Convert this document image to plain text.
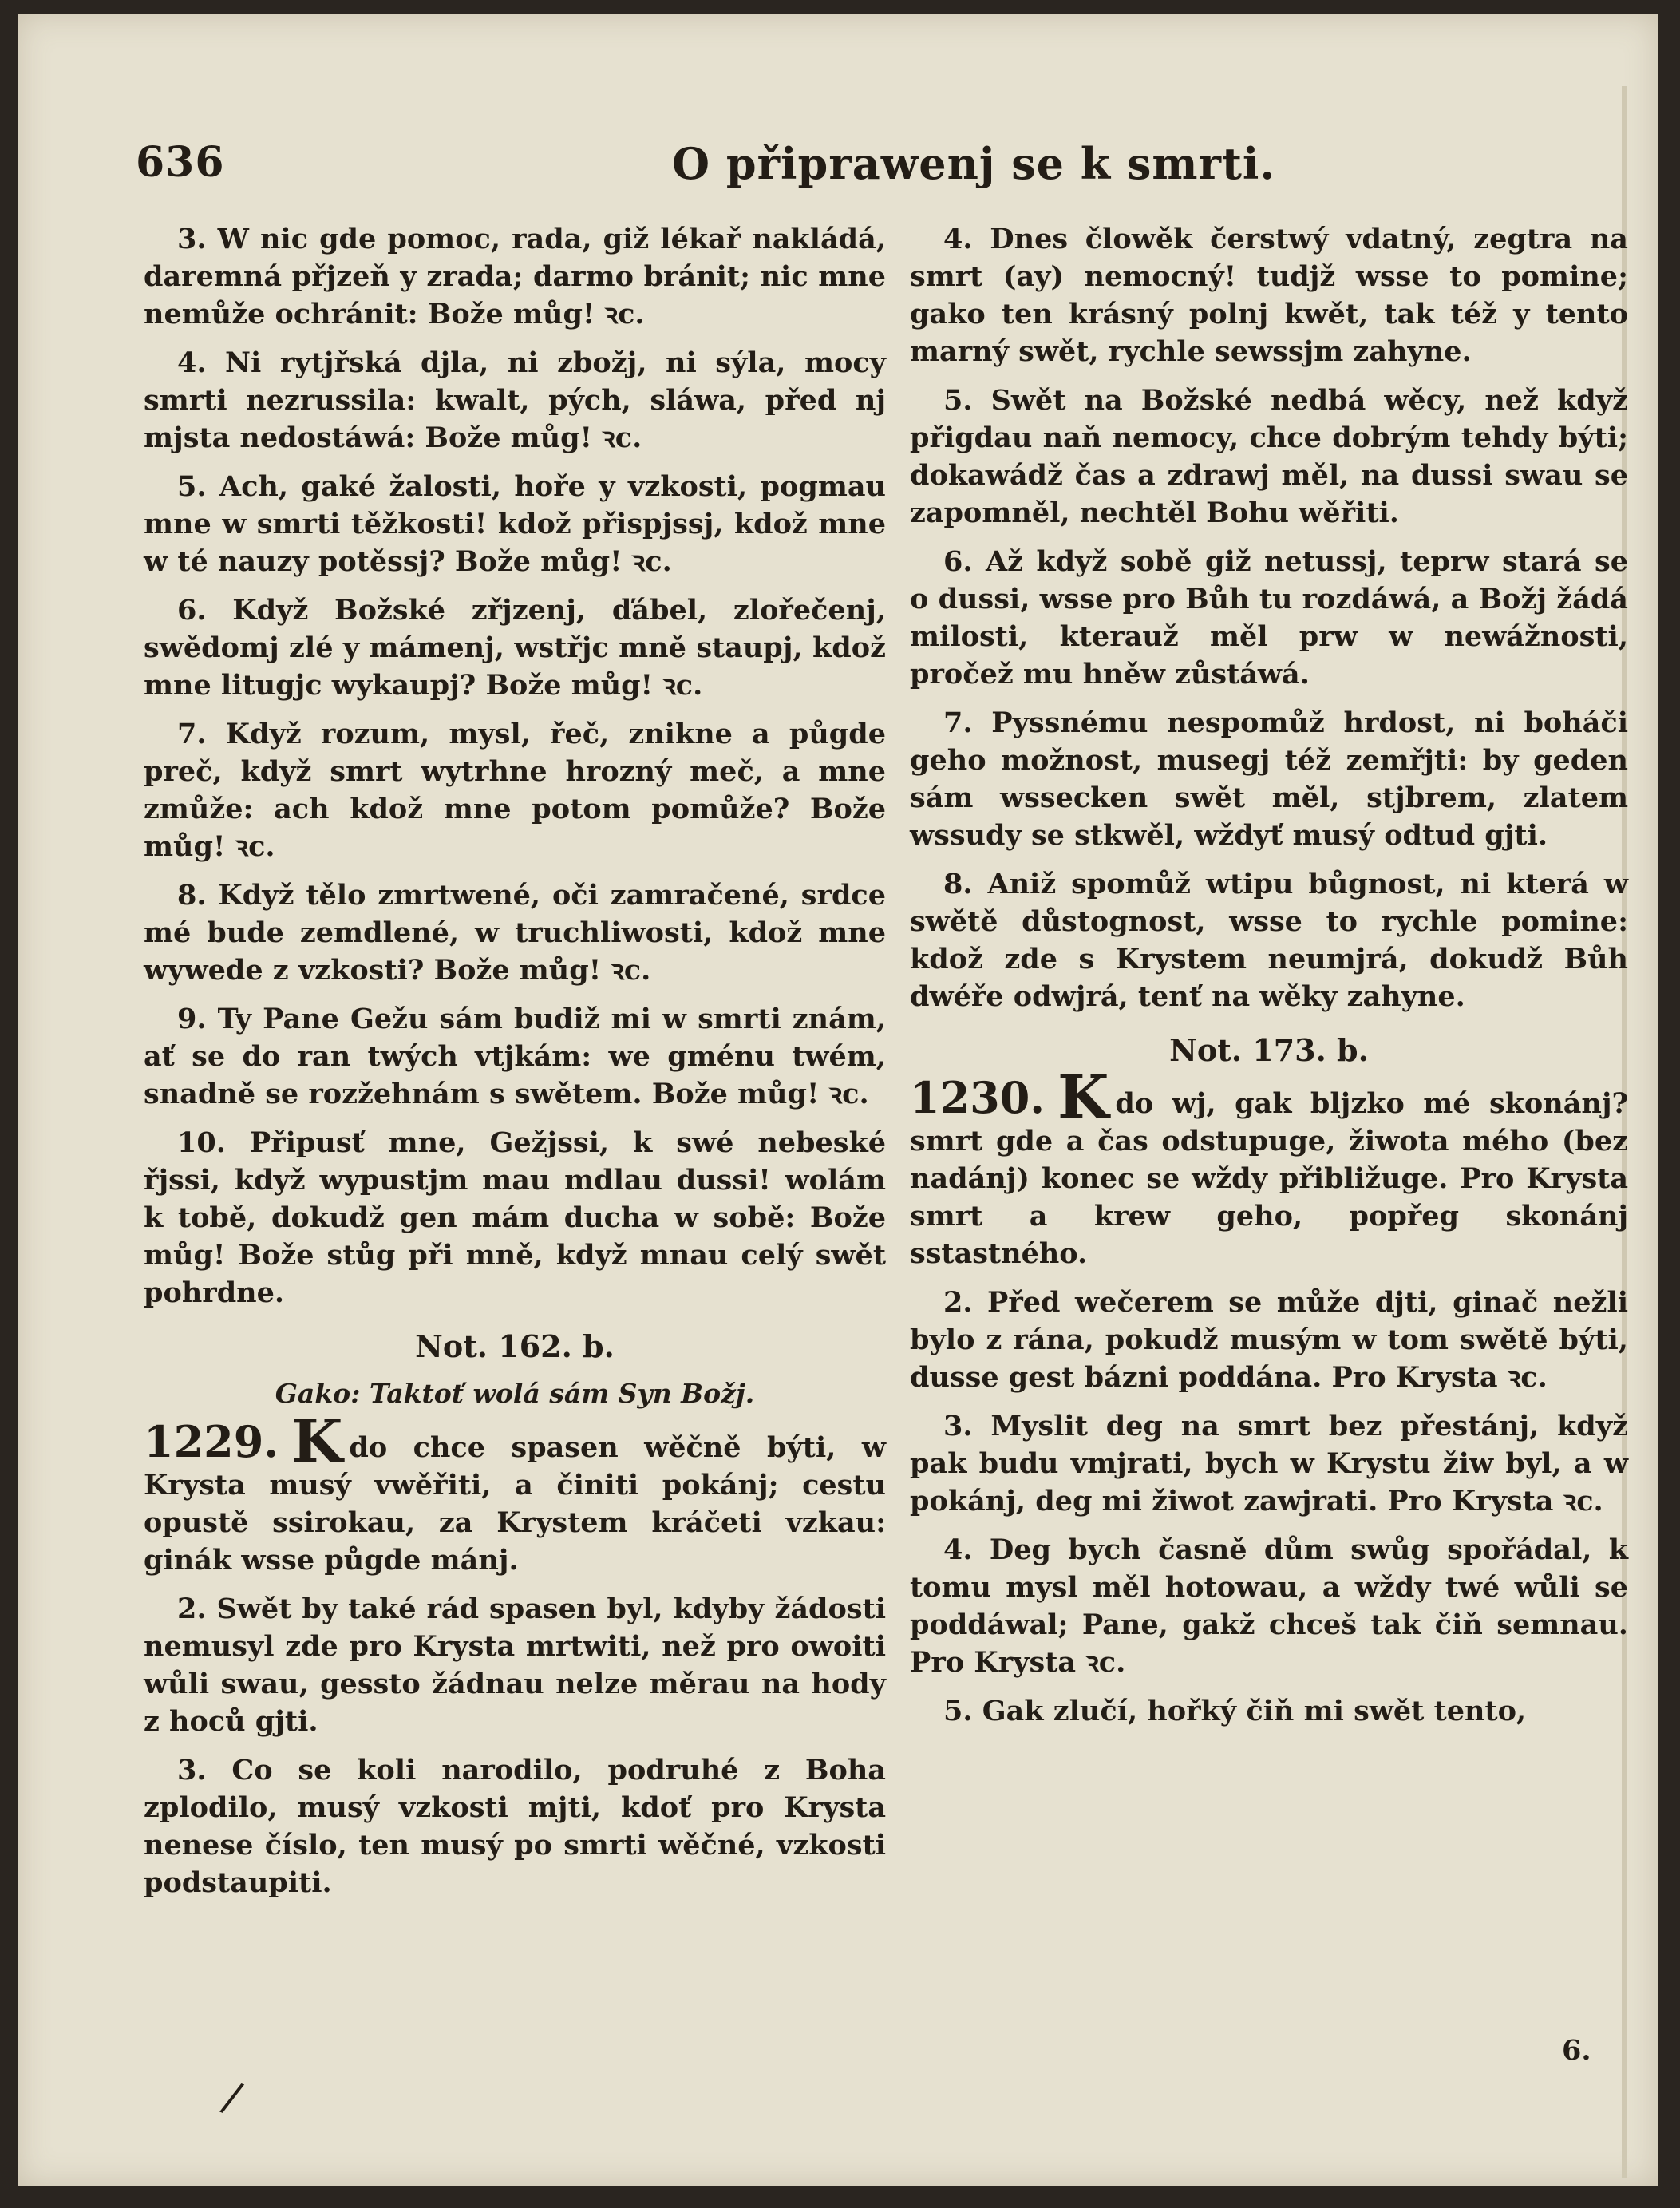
636	O připrawenj se k smrti.

3. W nic gde pomoc, rada, giž lékař nakládá, daremná přjzeň y zrada; darmo bránit; nic mne nemůže ochránit: Bože můg! ꝛc.

4. Ni rytjřská djla, ni zbožj, ni sýla, mocy smrti nezrussila: kwalt, pých, sláwa, před nj mjsta nedostáwá: Bože můg! ꝛc.

5. Ach, gaké žalosti, hoře y vzkosti, pogmau mne w smrti těžkosti! kdož přispjssj, kdož mne w té nauzy potěssj? Bože můg! ꝛc.

6. Když Božské zřjzenj, ďábel, zlořečenj, swědomj zlé y mámenj, wstřjc mně staupj, kdož mne litugjc wykaupj? Bože můg! ꝛc.

7. Když rozum, mysl, řeč, znikne a půgde preč, když smrt wytrhne hrozný meč, a mne zmůže: ach kdož mne potom pomůže? Bože můg! ꝛc.

8. Když tělo zmrtwené, oči zamračené, srdce mé bude zemdlené, w truchliwosti, kdož mne wywede z vzkosti? Bože můg! ꝛc.

9. Ty Pane Gežu sám budiž mi w smrti znám, ať se do ran twých vtjkám: we gménu twém, snadně se rozžehnám s swětem. Bože můg! ꝛc.

10. Připusť mne, Gežjssi, k swé nebeské řjssi, když wypustjm mau mdlau dussi! wolám k tobě, dokudž gen mám ducha w sobě: Bože můg! Bože stůg při mně, když mnau celý swět pohrdne.

Not. 162. b.
Gako: Taktoť wolá sám Syn Božj.

1229. K do chce spasen wěčně býti, w Krysta musý vwěřiti, a činiti pokánj; cestu opustě ssirokau, za Krystem kráčeti vzkau: ginák wsse půgde mánj.

2. Swět by také rád spasen byl, kdyby žádosti nemusyl zde pro Krysta mrtwiti, než pro owoiti wůli swau, gessto žádnau nelze měrau na hody z hoců gjti.

3. Co se koli narodilo, podruhé z Boha zplodilo, musý vzkosti mjti, kdoť pro Krysta nenese číslo, ten musý po smrti wěčné, vzkosti podstaupiti.

4. Dnes člowěk čerstwý vdatný, zegtra na smrt (ay) nemocný! tudjž wsse to pomine; gako ten krásný polnj kwět, tak též y tento marný swět, rychle sewssjm zahyne.

5. Swět na Božské nedbá wěcy, než když přigdau naň nemocy, chce dobrým tehdy býti; dokawádž čas a zdrawj měl, na dussi swau se zapomněl, nechtěl Bohu wěřiti.

6. Až když sobě giž netussj, teprw stará se o dussi, wsse pro Bůh tu rozdáwá, a Božj žádá milosti, kterauž měl prw w newážnosti, pročež mu hněw zůstáwá.

7. Pyssnému nespomůž hrdost, ni boháči geho možnost, musegj též zemřjti: by geden sám wssecken swět měl, stjbrem, zlatem wssudy se stkwěl, wždyť musý odtud gjti.

8. Aniž spomůž wtipu bůgnost, ni která w swětě důstognost, wsse to rychle pomine: kdož zde s Krystem neumjrá, dokudž Bůh dwéře odwjrá, tenť na wěky zahyne.

Not. 173. b.

1230. K do wj, gak bljzko mé skonánj? smrt gde a čas odstupuge, žiwota mého (bez nadánj) konec se wždy přibližuge. Pro Krysta smrt a krew geho, popřeg skonánj sstastného.

2. Před wečerem se může djti, ginač nežli bylo z rána, pokudž musým w tom swětě býti, dusse gest bázni poddána. Pro Krysta ꝛc.

3. Myslit deg na smrt bez přestánj, když pak budu vmjrati, bych w Krystu žiw byl, a w pokánj, deg mi žiwot zawjrati. Pro Krysta ꝛc.

4. Deg bych časně dům swůg spořádal, k tomu mysl měl hotowau, a wždy twé wůli se poddáwal; Pane, gakž chceš tak čiň semnau. Pro Krysta ꝛc.

5. Gak zlučí, hořký čiň mi swět tento,

6.
/
